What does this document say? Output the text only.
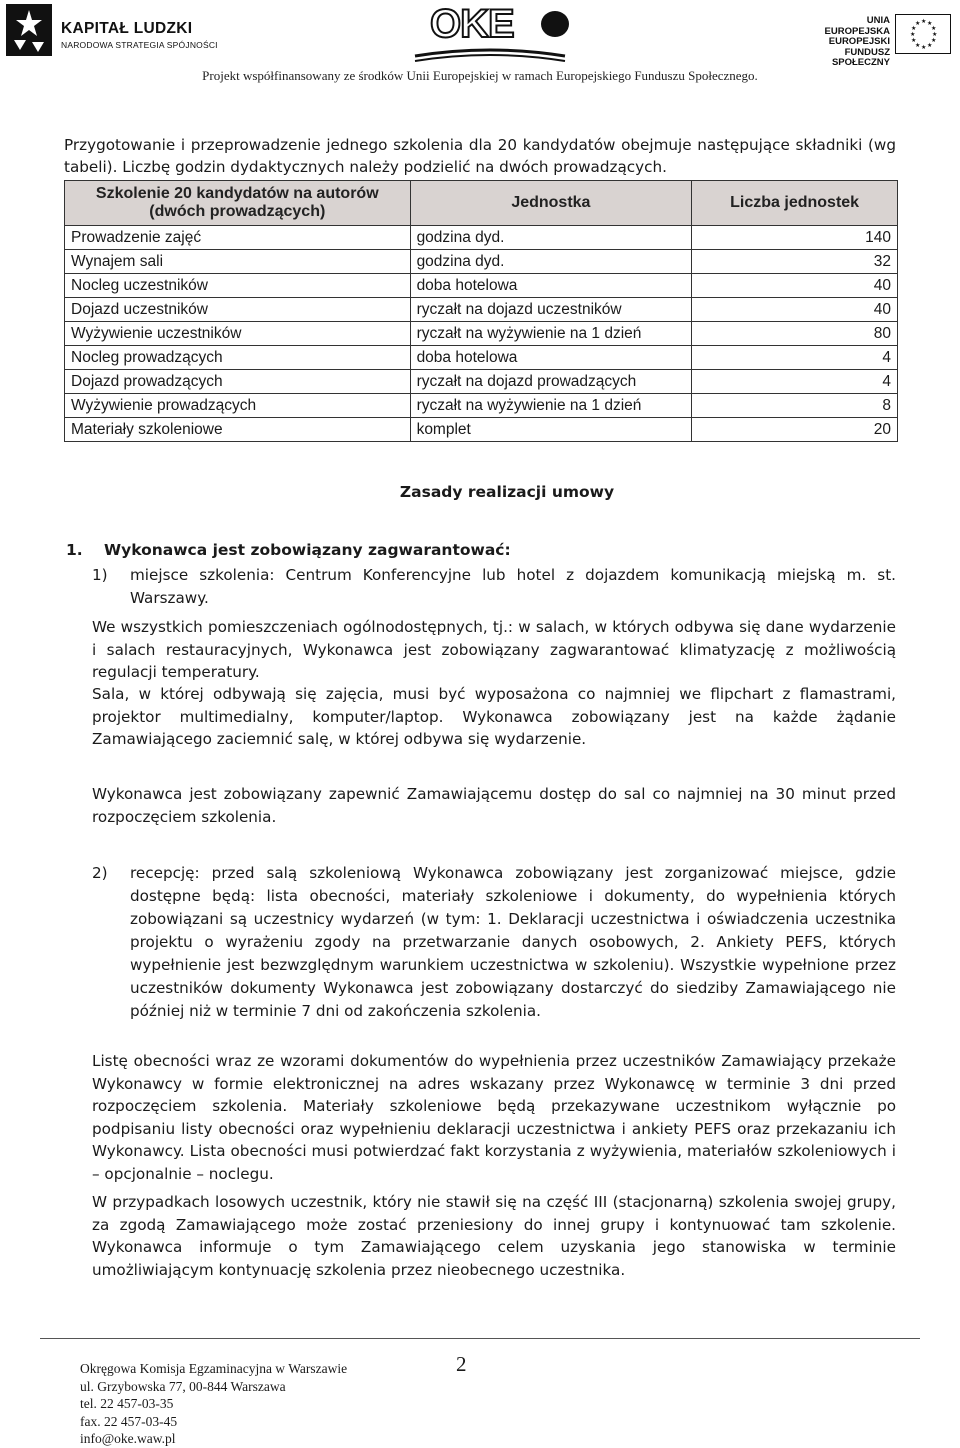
KAPITAŁ LUDZKI
NARODOWA STRATEGIA SPÓJNOŚCI	OKE	UNIA EUROPEJSKA
EUROPEJSKI
FUNDUSZ SPOŁECZNY
★ ★
★
★
★
★
★
★
★
★
★
★
Projekt współfinansowany ze środków Unii Europejskiej w ramach Europejskiego Funduszu Społecznego.
Przygotowanie i przeprowadzenie jednego szkolenia dla 20 kandydatów obejmuje następujące składniki (wg tabeli). Liczbę godzin dydaktycznych należy podzielić na dwóch prowadzących.
Szkolenie 20 kandydatów na autorów (dwóch prowadzących)	Jednostka	Liczba jednostek
Prowadzenie zajęć	godzina dyd.	140
Wynajem sali	godzina dyd.	32
Nocleg uczestników	doba hotelowa	40
Dojazd uczestników	ryczałt na dojazd uczestników	40
Wyżywienie uczestników	ryczałt na wyżywienie na 1 dzień	80
Nocleg prowadzących	doba hotelowa	4
Dojazd prowadzących	ryczałt na dojazd prowadzących	4
Wyżywienie prowadzących	ryczałt na wyżywienie na 1 dzień	8
Materiały szkoleniowe	komplet	20
Zasady realizacji umowy
1. Wykonawca jest zobowiązany zagwarantować:
1) miejsce szkolenia: Centrum Konferencyjne lub hotel z dojazdem komunikacją miejską m. st. Warszawy.
We wszystkich pomieszczeniach ogólnodostępnych, tj.: w salach, w których odbywa się dane wydarzenie i salach restauracyjnych, Wykonawca jest zobowiązany zagwarantować klimatyzację z możliwością regulacji temperatury.
Sala, w której odbywają się zajęcia, musi być wyposażona co najmniej we flipchart z flamastrami, projektor multimedialny, komputer/laptop. Wykonawca zobowiązany jest na każde żądanie Zamawiającego zaciemnić salę, w której odbywa się wydarzenie.
Wykonawca jest zobowiązany zapewnić Zamawiającemu dostęp do sal co najmniej na 30 minut przed rozpoczęciem szkolenia.
2) recepcję: przed salą szkoleniową Wykonawca zobowiązany jest zorganizować miejsce, gdzie dostępne będą: lista obecności, materiały szkoleniowe i dokumenty, do wypełnienia których zobowiązani są uczestnicy wydarzeń (w tym: 1. Deklaracji uczestnictwa i oświadczenia uczestnika projektu o wyrażeniu zgody na przetwarzanie danych osobowych, 2. Ankiety PEFS, których wypełnienie jest bezwzględnym warunkiem uczestnictwa w szkoleniu). Wszystkie wypełnione przez uczestników dokumenty Wykonawca jest zobowiązany dostarczyć do siedziby Zamawiającego nie później niż w terminie 7 dni od zakończenia szkolenia.
Listę obecności wraz ze wzorami dokumentów do wypełnienia przez uczestników Zamawiający przekaże Wykonawcy w formie elektronicznej na adres wskazany przez Wykonawcę w terminie 3 dni przed rozpoczęciem szkolenia. Materiały szkoleniowe będą przekazywane uczestnikom wyłącznie po podpisaniu listy obecności oraz wypełnieniu deklaracji uczestnictwa i ankiety PEFS oraz przekazaniu ich Wykonawcy. Lista obecności musi potwierdzać fakt korzystania z wyżywienia, materiałów szkoleniowych i – opcjonalnie – noclegu.
W przypadkach losowych uczestnik, który nie stawił się na część III (stacjonarną) szkolenia swojej grupy, za zgodą Zamawiającego może zostać przeniesiony do innej grupy i kontynuować tam szkolenie. Wykonawca informuje o tym Zamawiającego celem uzyskania jego stanowiska w terminie umożliwiającym kontynuację szkolenia przez nieobecnego uczestnika.
Okręgowa Komisja Egzaminacyjna w Warszawie
ul. Grzybowska 77, 00-844 Warszawa
tel. 22 457-03-35
fax. 22 457-03-45
info@oke.waw.pl
2
